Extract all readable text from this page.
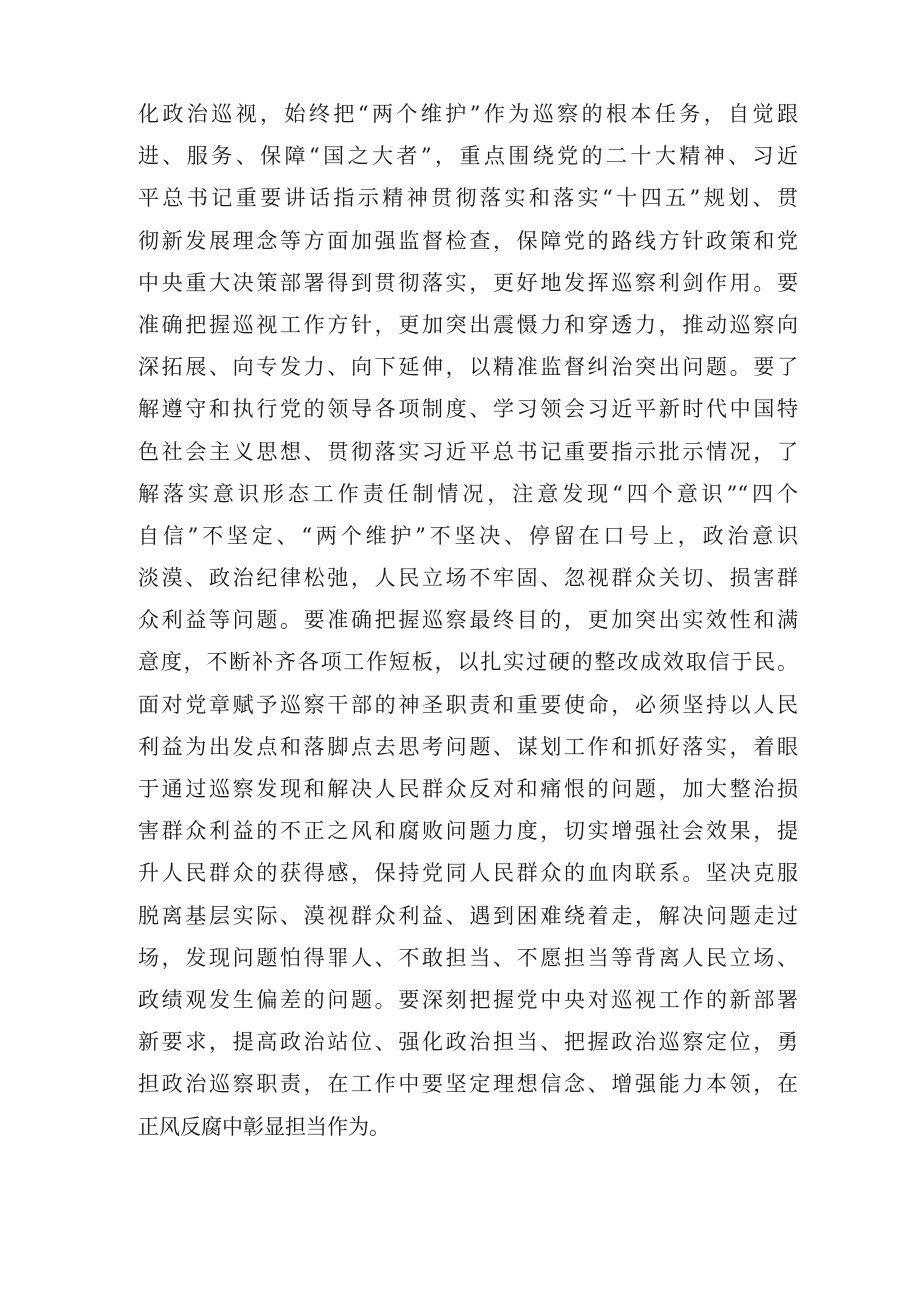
化政治巡视，始终把“两个维护”作为巡察的根本任务，自觉跟
进、服务、保障“国之大者”，重点围绕党的二十大精神、习近
平总书记重要讲话指示精神贯彻落实和落实“十四五”规划、贯
彻新发展理念等方面加强监督检查，保障党的路线方针政策和党
中央重大决策部署得到贯彻落实，更好地发挥巡察利剑作用。要
准确把握巡视工作方针，更加突出震慑力和穿透力，推动巡察向
深拓展、向专发力、向下延伸，以精准监督纠治突出问题。要了
解遵守和执行党的领导各项制度、学习领会习近平新时代中国特
色社会主义思想、贯彻落实习近平总书记重要指示批示情况，了
解落实意识形态工作责任制情况，注意发现“四个意识”“四个
自信”不坚定、“两个维护”不坚决、停留在口号上，政治意识
淡漠、政治纪律松弛，人民立场不牢固、忽视群众关切、损害群
众利益等问题。要准确把握巡察最终目的，更加突出实效性和满
意度，不断补齐各项工作短板，以扎实过硬的整改成效取信于民。
面对党章赋予巡察干部的神圣职责和重要使命，必须坚持以人民
利益为出发点和落脚点去思考问题、谋划工作和抓好落实，着眼
于通过巡察发现和解决人民群众反对和痛恨的问题，加大整治损
害群众利益的不正之风和腐败问题力度，切实增强社会效果，提
升人民群众的获得感，保持党同人民群众的血肉联系。坚决克服
脱离基层实际、漠视群众利益、遇到困难绕着走，解决问题走过
场，发现问题怕得罪人、不敢担当、不愿担当等背离人民立场、
政绩观发生偏差的问题。要深刻把握党中央对巡视工作的新部署
新要求，提高政治站位、强化政治担当、把握政治巡察定位，勇
担政治巡察职责，在工作中要坚定理想信念、增强能力本领，在
正风反腐中彰显担当作为。
